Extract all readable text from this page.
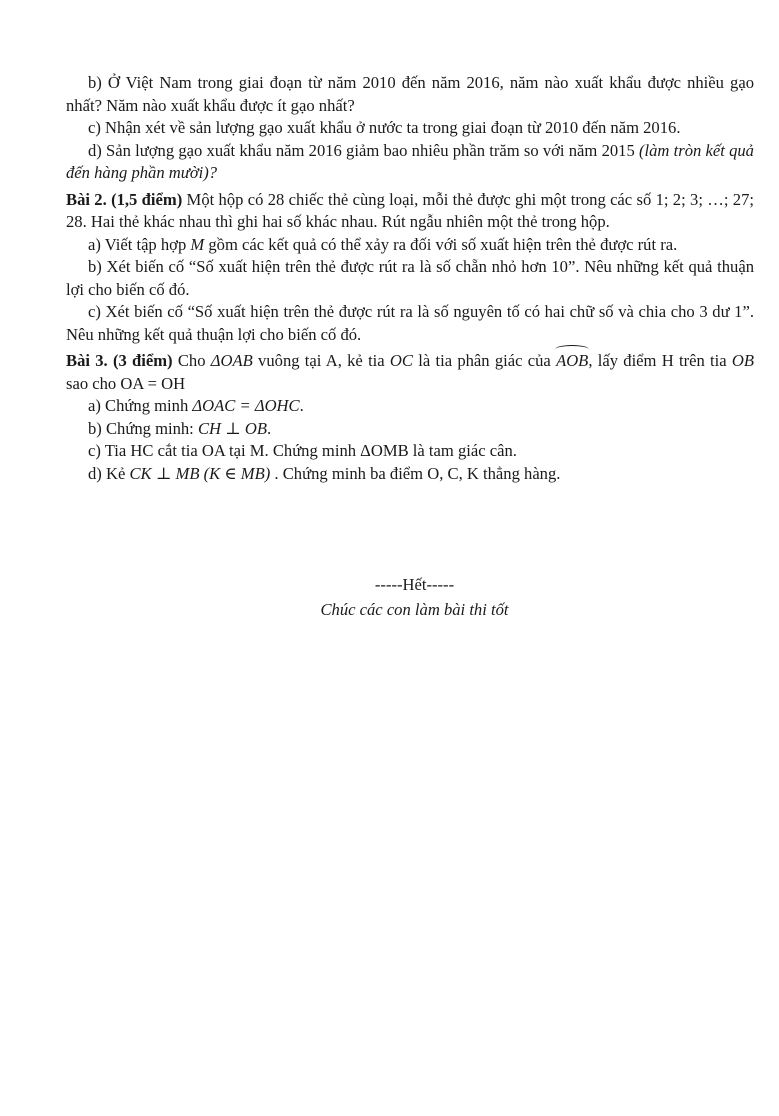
b) Ở Việt Nam trong giai đoạn từ năm 2010 đến năm 2016, năm nào xuất khẩu được nhiều gạo nhất? Năm nào xuất khẩu được ít gạo nhất?

c) Nhận xét về sản lượng gạo xuất khẩu ở nước ta trong giai đoạn từ 2010 đến năm 2016.

d) Sản lượng gạo xuất khẩu năm 2016 giảm bao nhiêu phần trăm so với năm 2015 (làm tròn kết quả đến hàng phần mười)?

Bài 2. (1,5 điểm) Một hộp có 28 chiếc thẻ cùng loại, mỗi thẻ được ghi một trong các số 1; 2; 3; …; 27; 28. Hai thẻ khác nhau thì ghi hai số khác nhau. Rút ngẫu nhiên một thẻ trong hộp.

a) Viết tập hợp M gồm các kết quả có thể xảy ra đối với số xuất hiện trên thẻ được rút ra.

b) Xét biến cố “Số xuất hiện trên thẻ được rút ra là số chẵn nhỏ hơn 10”. Nêu những kết quả thuận lợi cho biến cố đó.

c) Xét biến cố “Số xuất hiện trên thẻ được rút ra là số nguyên tố có hai chữ số và chia cho 3 dư 1”. Nêu những kết quả thuận lợi cho biến cố đó.

Bài 3. (3 điểm) Cho ΔOAB vuông tại A, kẻ tia OC là tia phân giác của AOB, lấy điểm H trên tia OB sao cho OA = OH

a) Chứng minh ΔOAC = ΔOHC.

b) Chứng minh: CH ⊥ OB.

c) Tia HC cắt tia OA tại M. Chứng minh ΔOMB là tam giác cân.

d) Kẻ CK ⊥ MB (K ∈ MB) . Chứng minh ba điểm O, C, K thẳng hàng.

-----Hết-----
Chúc các con làm bài thi tốt
